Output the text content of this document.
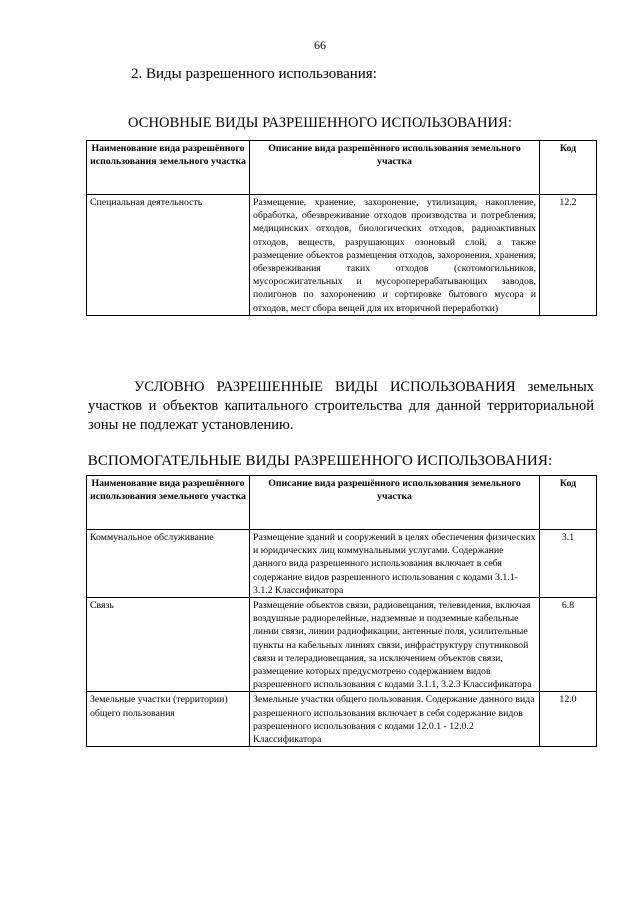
66
2. Виды разрешенного использования:
ОСНОВНЫЕ ВИДЫ РАЗРЕШЕННОГО ИСПОЛЬЗОВАНИЯ:
Наименование вида разрешённого использования земельного участка	Описание вида разрешённого использования земельного участка	Код
Специальная деятельность	Размещение, хранение, захоронение, утилизация, накопление, обработка, обезвреживание отходов производства и потребления, медицинских отходов, биологических отходов, радиоактивных отходов, веществ, разрушающих озоновый слой, а также размещение объектов размещения отходов, захоронения, хранения, обезвреживания таких отходов (скотомогильников, мусоросжигательных и мусороперерабатывающих заводов, полигонов по захоронению и сортировке бытового мусора и отходов, мест сбора вещей для их вторичной переработки)	12.2
УСЛОВНО РАЗРЕШЕННЫЕ ВИДЫ ИСПОЛЬЗОВАНИЯ земельных
участков и объектов капитального строительства для данной территориальной зоны не подлежат установлению.
ВСПОМОГАТЕЛЬНЫЕ ВИДЫ РАЗРЕШЕННОГО ИСПОЛЬЗОВАНИЯ:
Наименование вида разрешённого использования земельного участка	Описание вида разрешённого использования земельного участка	Код
Коммунальное обслуживание	Размещение зданий и сооружений в целях обеспечения физических и юридических лиц коммунальными услугами. Содержание данного вида разрешенного использования включает в себя содержание видов разрешенного использования с кодами 3.1.1-3.1.2 Классификатора	3.1
Связь	Размещение объектов связи, радиовещания, телевидения, включая воздушные радиорелейные, надземные и подземные кабельные линии связи, линии радиофикации, антенные поля, усилительные пункты на кабельных линиях связи, инфраструктуру спутниковой связи и телерадиовещания, за исключением объектов связи, размещение которых предусмотрено содержанием видов разрешенного использования с кодами 3.1.1, 3.2.3 Классификатора	6.8
Земельные участки (территории) общего пользования	Земельные участки общего пользования. Содержание данного вида разрешенного использования включает в себя содержание видов разрешенного использования с кодами 12.0.1 - 12.0.2 Классификатора	12.0
